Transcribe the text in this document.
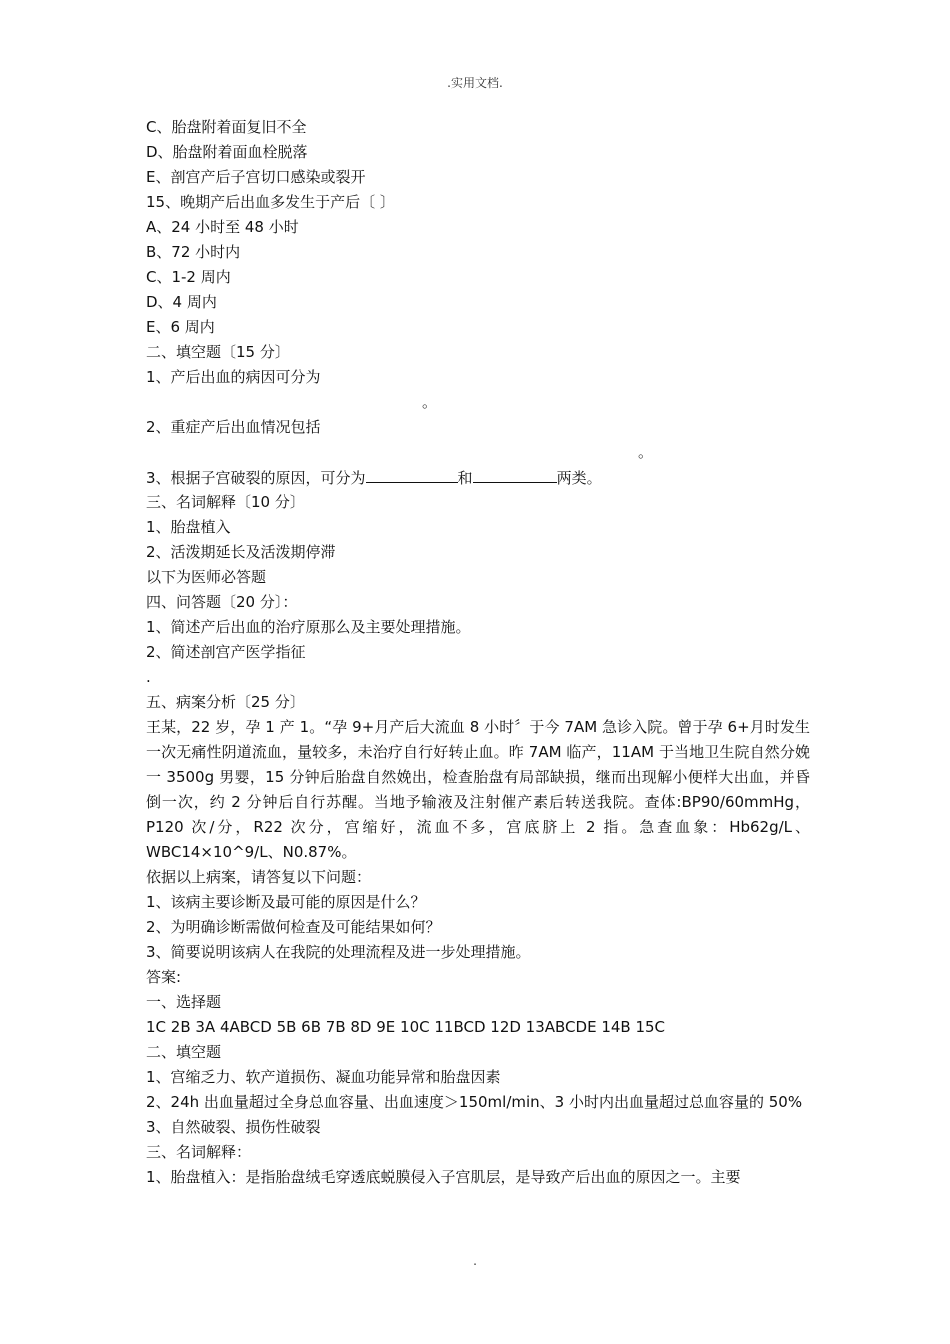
.实用文档.
C、胎盘附着面复旧不全
D、胎盘附着面血栓脱落
E、剖宫产后子宫切口感染或裂开
15、晚期产后出血多发生于产后〔 〕
A、24 小时至 48 小时
B、72 小时内
C、1-2 周内
D、4 周内
E、6 周内
二、填空题〔15 分〕
1、产后出血的病因可分为
。
2、重症产后出血情况包括
。
3、根据子宫破裂的原因，可分为	和	两类。
三、名词解释〔10 分〕
1、胎盘植入
2、活泼期延长及活泼期停滞
以下为医师必答题
四、问答题〔20 分〕：
1、简述产后出血的治疗原那么及主要处理措施。
2、简述剖宫产医学指征
.
五、病案分析〔25 分〕
王某，22 岁，孕 1 产 1。“孕 9+月产后大流血 8 小时〞于今 7AM 急诊入院。曾于孕 6+月时发生一次无痛性阴道流血，量较多，未治疗自行好转止血。昨 7AM 临产，11AM 于当地卫生院自然分娩一 3500g 男婴，15 分钟后胎盘自然娩出，检查胎盘有局部缺损，继而出现解小便样大出血，并昏倒一次，约 2 分钟后自行苏醒。当地予输液及注射催产素后转送我院。查体:BP90/60mmHg，P120 次/分，R22 次分，宫缩好，流血不多，宫底脐上 2 指。急查血象：Hb62g/L、WBC14×10^9/L、N0.87%。
依据以上病案，请答复以下问题：
1、该病主要诊断及最可能的原因是什么？
2、为明确诊断需做何检查及可能结果如何？
3、简要说明该病人在我院的处理流程及进一步处理措施。
答案:
一、选择题
1C 2B 3A 4ABCD 5B 6B 7B 8D 9E 10C 11BCD 12D 13ABCDE 14B 15C
二、填空题
1、宫缩乏力、软产道损伤、凝血功能异常和胎盘因素
2、24h 出血量超过全身总血容量、出血速度＞150ml/min、3 小时内出血量超过总血容量的 50%
3、自然破裂、损伤性破裂
三、名词解释：
1、胎盘植入：是指胎盘绒毛穿透底蜕膜侵入子宫肌层，是导致产后出血的原因之一。主要
.
